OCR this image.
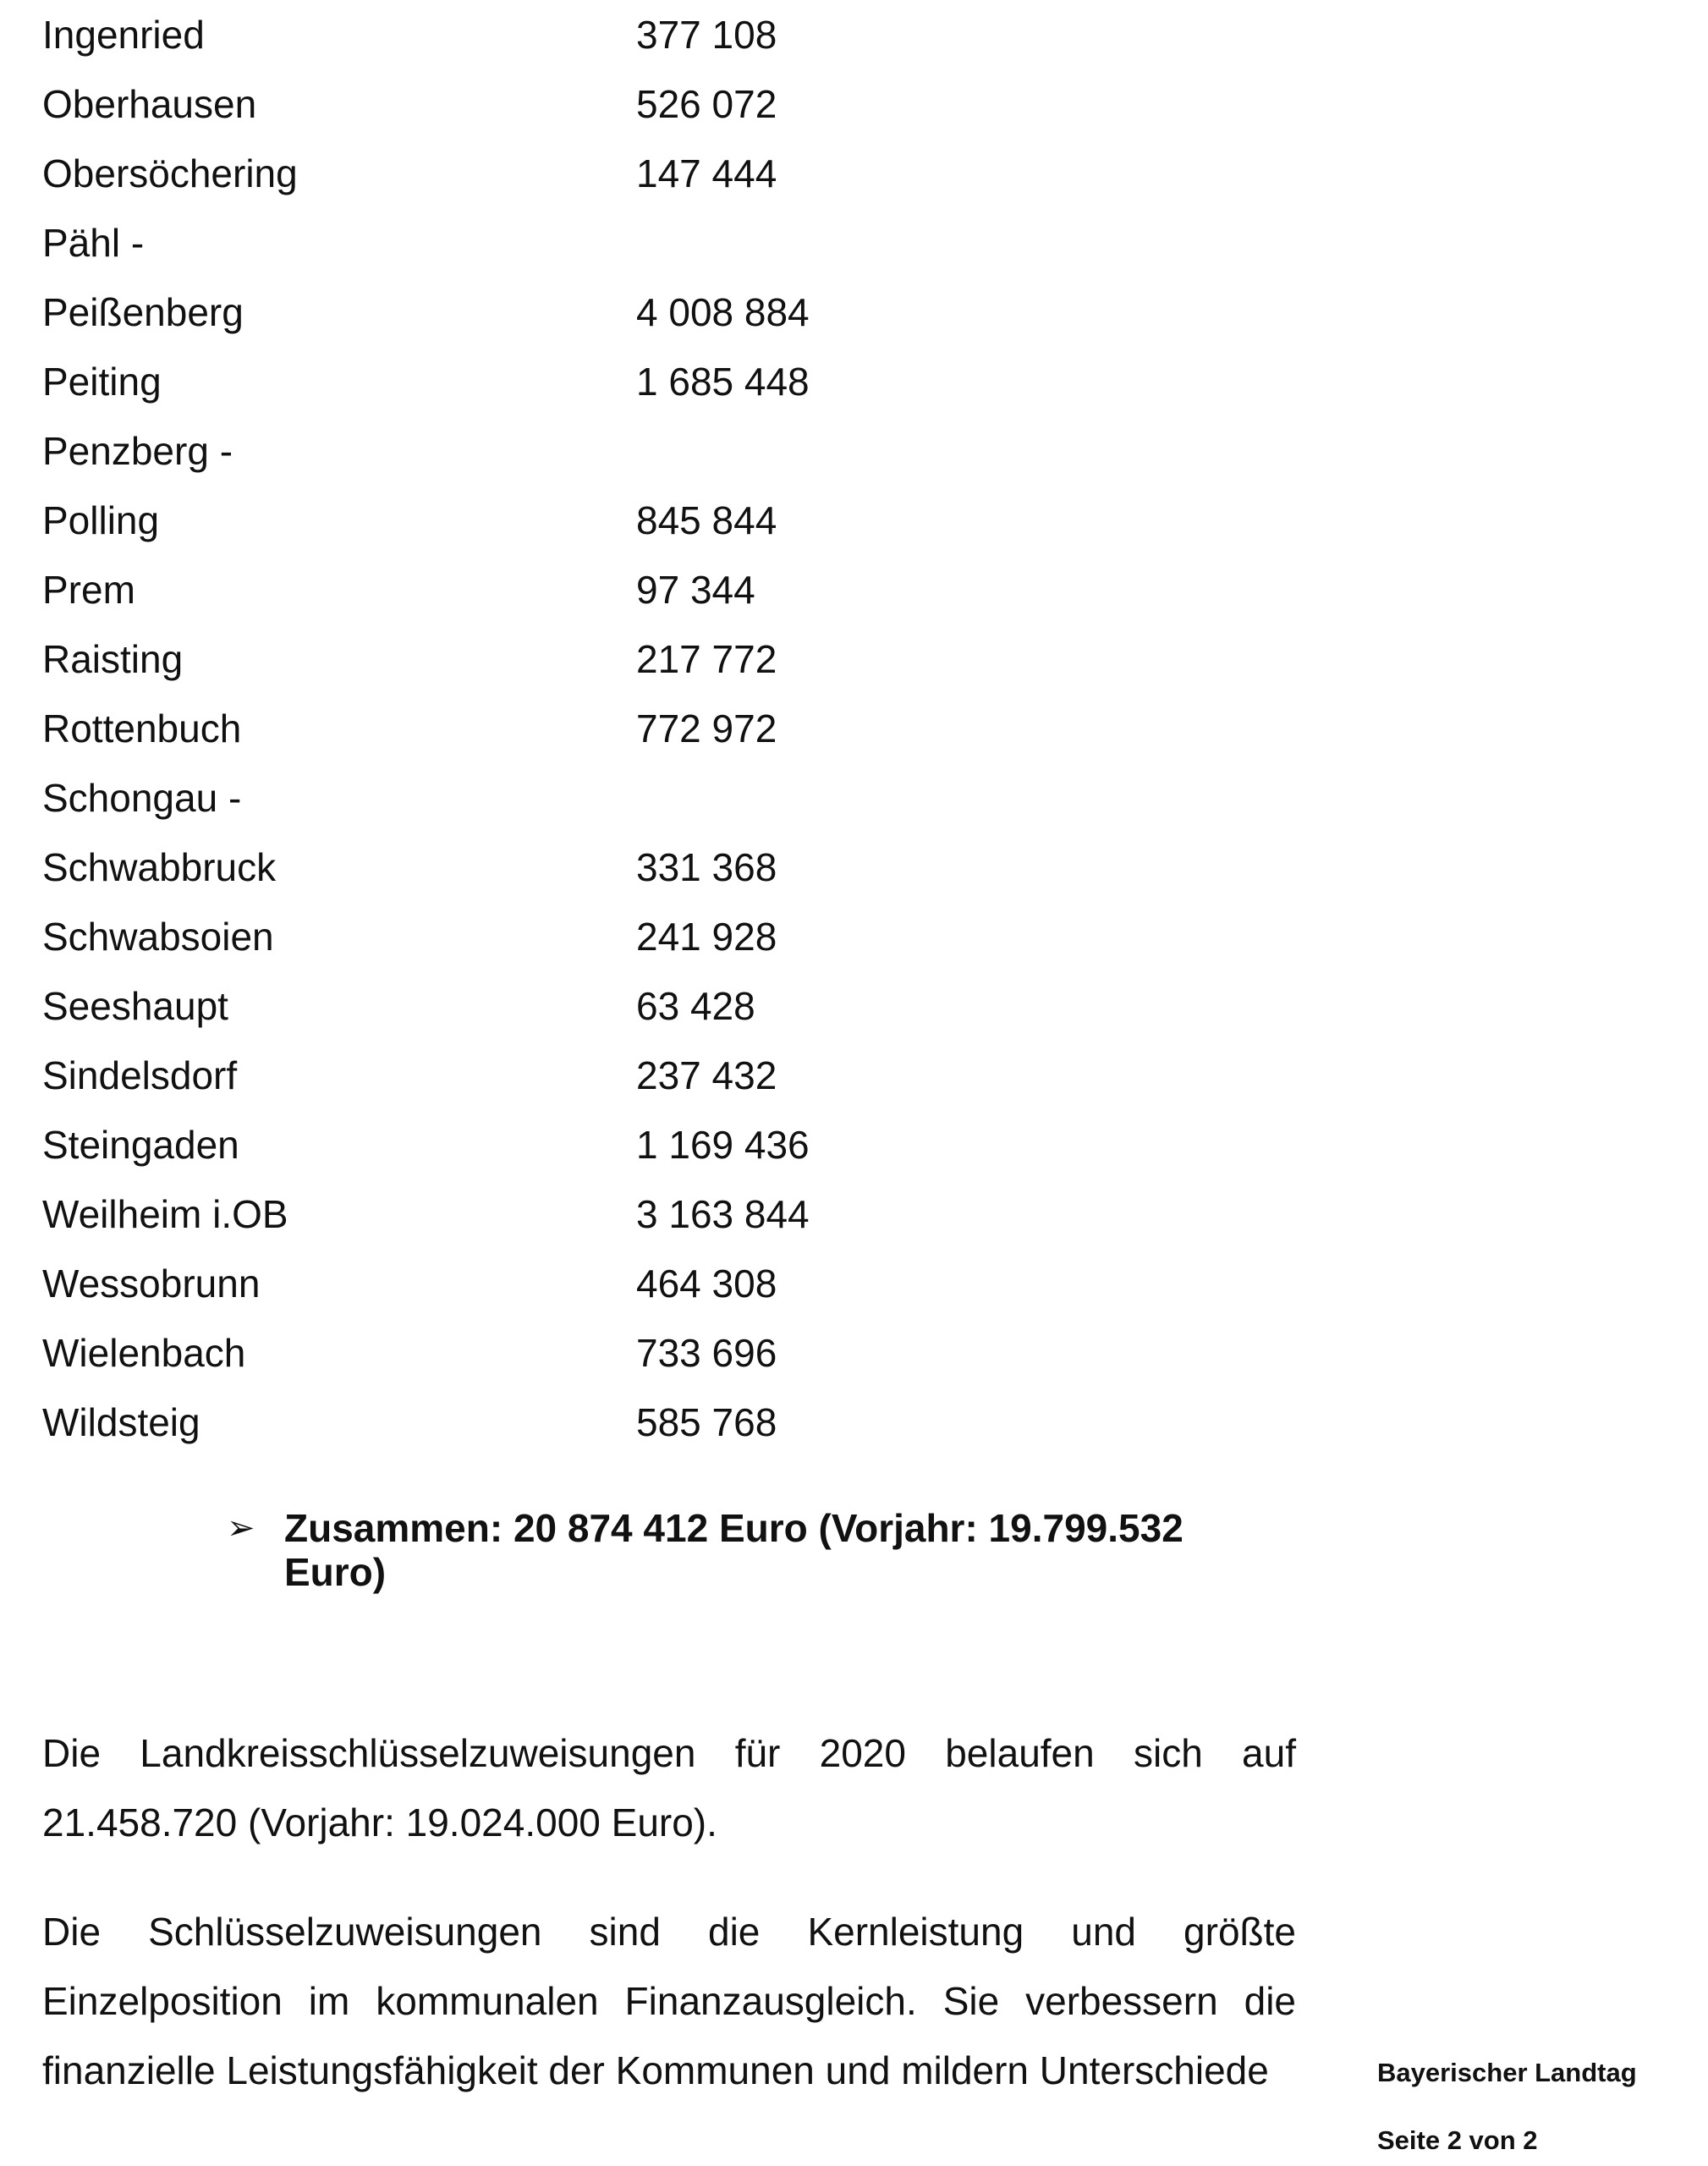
Ingenried	377 108
Oberhausen	526 072
Obersöchering	147 444
Pähl -
Peißenberg	4 008 884
Peiting	1 685 448
Penzberg -
Polling	845 844
Prem	97 344
Raisting	217 772
Rottenbuch	772 972
Schongau -
Schwabbruck	331 368
Schwabsoien	241 928
Seeshaupt	63 428
Sindelsdorf	237 432
Steingaden	1 169 436
Weilheim i.OB	3 163 844
Wessobrunn	464 308
Wielenbach	733 696
Wildsteig	585 768
➢ Zusammen: 20 874 412 Euro (Vorjahr: 19.799.532 Euro)

Die Landkreisschlüsselzuweisungen für 2020 belaufen sich auf 21.458.720 (Vorjahr: 19.024.000 Euro).

Die Schlüsselzuweisungen sind die Kernleistung und größte Einzelposition im kommunalen Finanzausgleich. Sie verbessern die finanzielle Leistungsfähigkeit der Kommunen und mildern Unterschiede	Bayerischer Landtag
Seite 2 von 2
